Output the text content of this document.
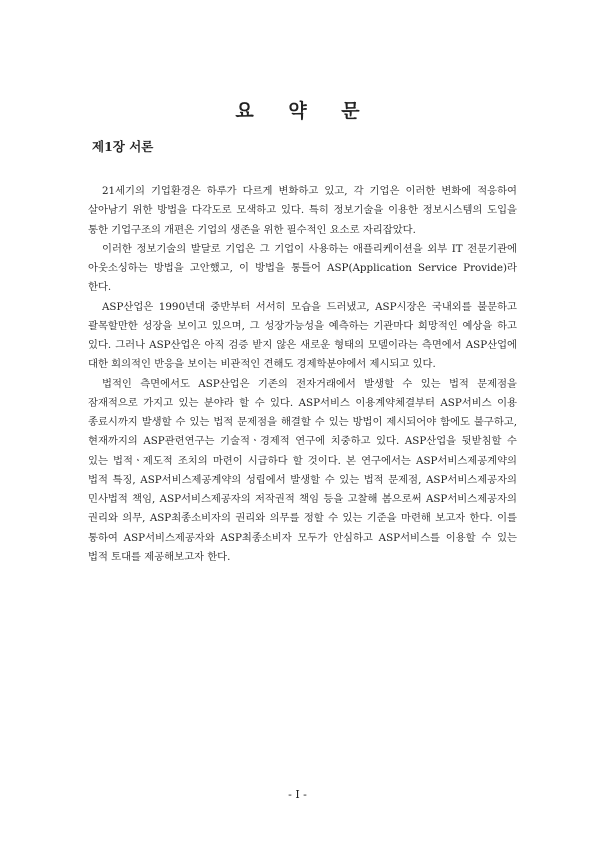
요 약 문
제1장 서론

21세기의 기업환경은 하루가 다르게 변화하고 있고, 각 기업은 이러한 변화에 적응하여 살아남기 위한 방법을 다각도로 모색하고 있다. 특히 정보기술을 이용한 정보시스템의 도입을 통한 기업구조의 개편은 기업의 생존을 위한 필수적인 요소로 자리잡았다.

이러한 정보기술의 발달로 기업은 그 기업이 사용하는 애플리케이션을 외부 IT 전문기관에 아웃소싱하는 방법을 고안했고, 이 방법을 통틀어 ASP(Application Service Provide)라 한다.

ASP산업은 1990년대 중반부터 서서히 모습을 드러냈고, ASP시장은 국내외를 불문하고 괄목할만한 성장을 보이고 있으며, 그 성장가능성을 예측하는 기관마다 희망적인 예상을 하고 있다. 그러나 ASP산업은 아직 검증 받지 않은 새로운 형태의 모델이라는 측면에서 ASP산업에 대한 회의적인 반응을 보이는 비관적인 견해도 경제학분야에서 제시되고 있다.

법적인 측면에서도 ASP산업은 기존의 전자거래에서 발생할 수 있는 법적 문제점을 잠재적으로 가지고 있는 분야라 할 수 있다. ASP서비스 이용계약체결부터 ASP서비스 이용 종료시까지 발생할 수 있는 법적 문제점을 해결할 수 있는 방법이 제시되어야 함에도 불구하고, 현재까지의 ASP관련연구는 기술적ㆍ경제적 연구에 치중하고 있다. ASP산업을 뒷받침할 수 있는 법적ㆍ제도적 조치의 마련이 시급하다 할 것이다. 본 연구에서는 ASP서비스제공계약의 법적 특징, ASP서비스제공계약의 성립에서 발생할 수 있는 법적 문제점, ASP서비스제공자의 민사법적 책임, ASP서비스제공자의 저작권적 책임 등을 고찰해 봄으로써 ASP서비스제공자의 권리와 의무, ASP최종소비자의 권리와 의무를 정할 수 있는 기준을 마련해 보고자 한다. 이를 통하여 ASP서비스제공자와 ASP최종소비자 모두가 안심하고 ASP서비스를 이용할 수 있는 법적 토대를 제공해보고자 한다.

- I -
